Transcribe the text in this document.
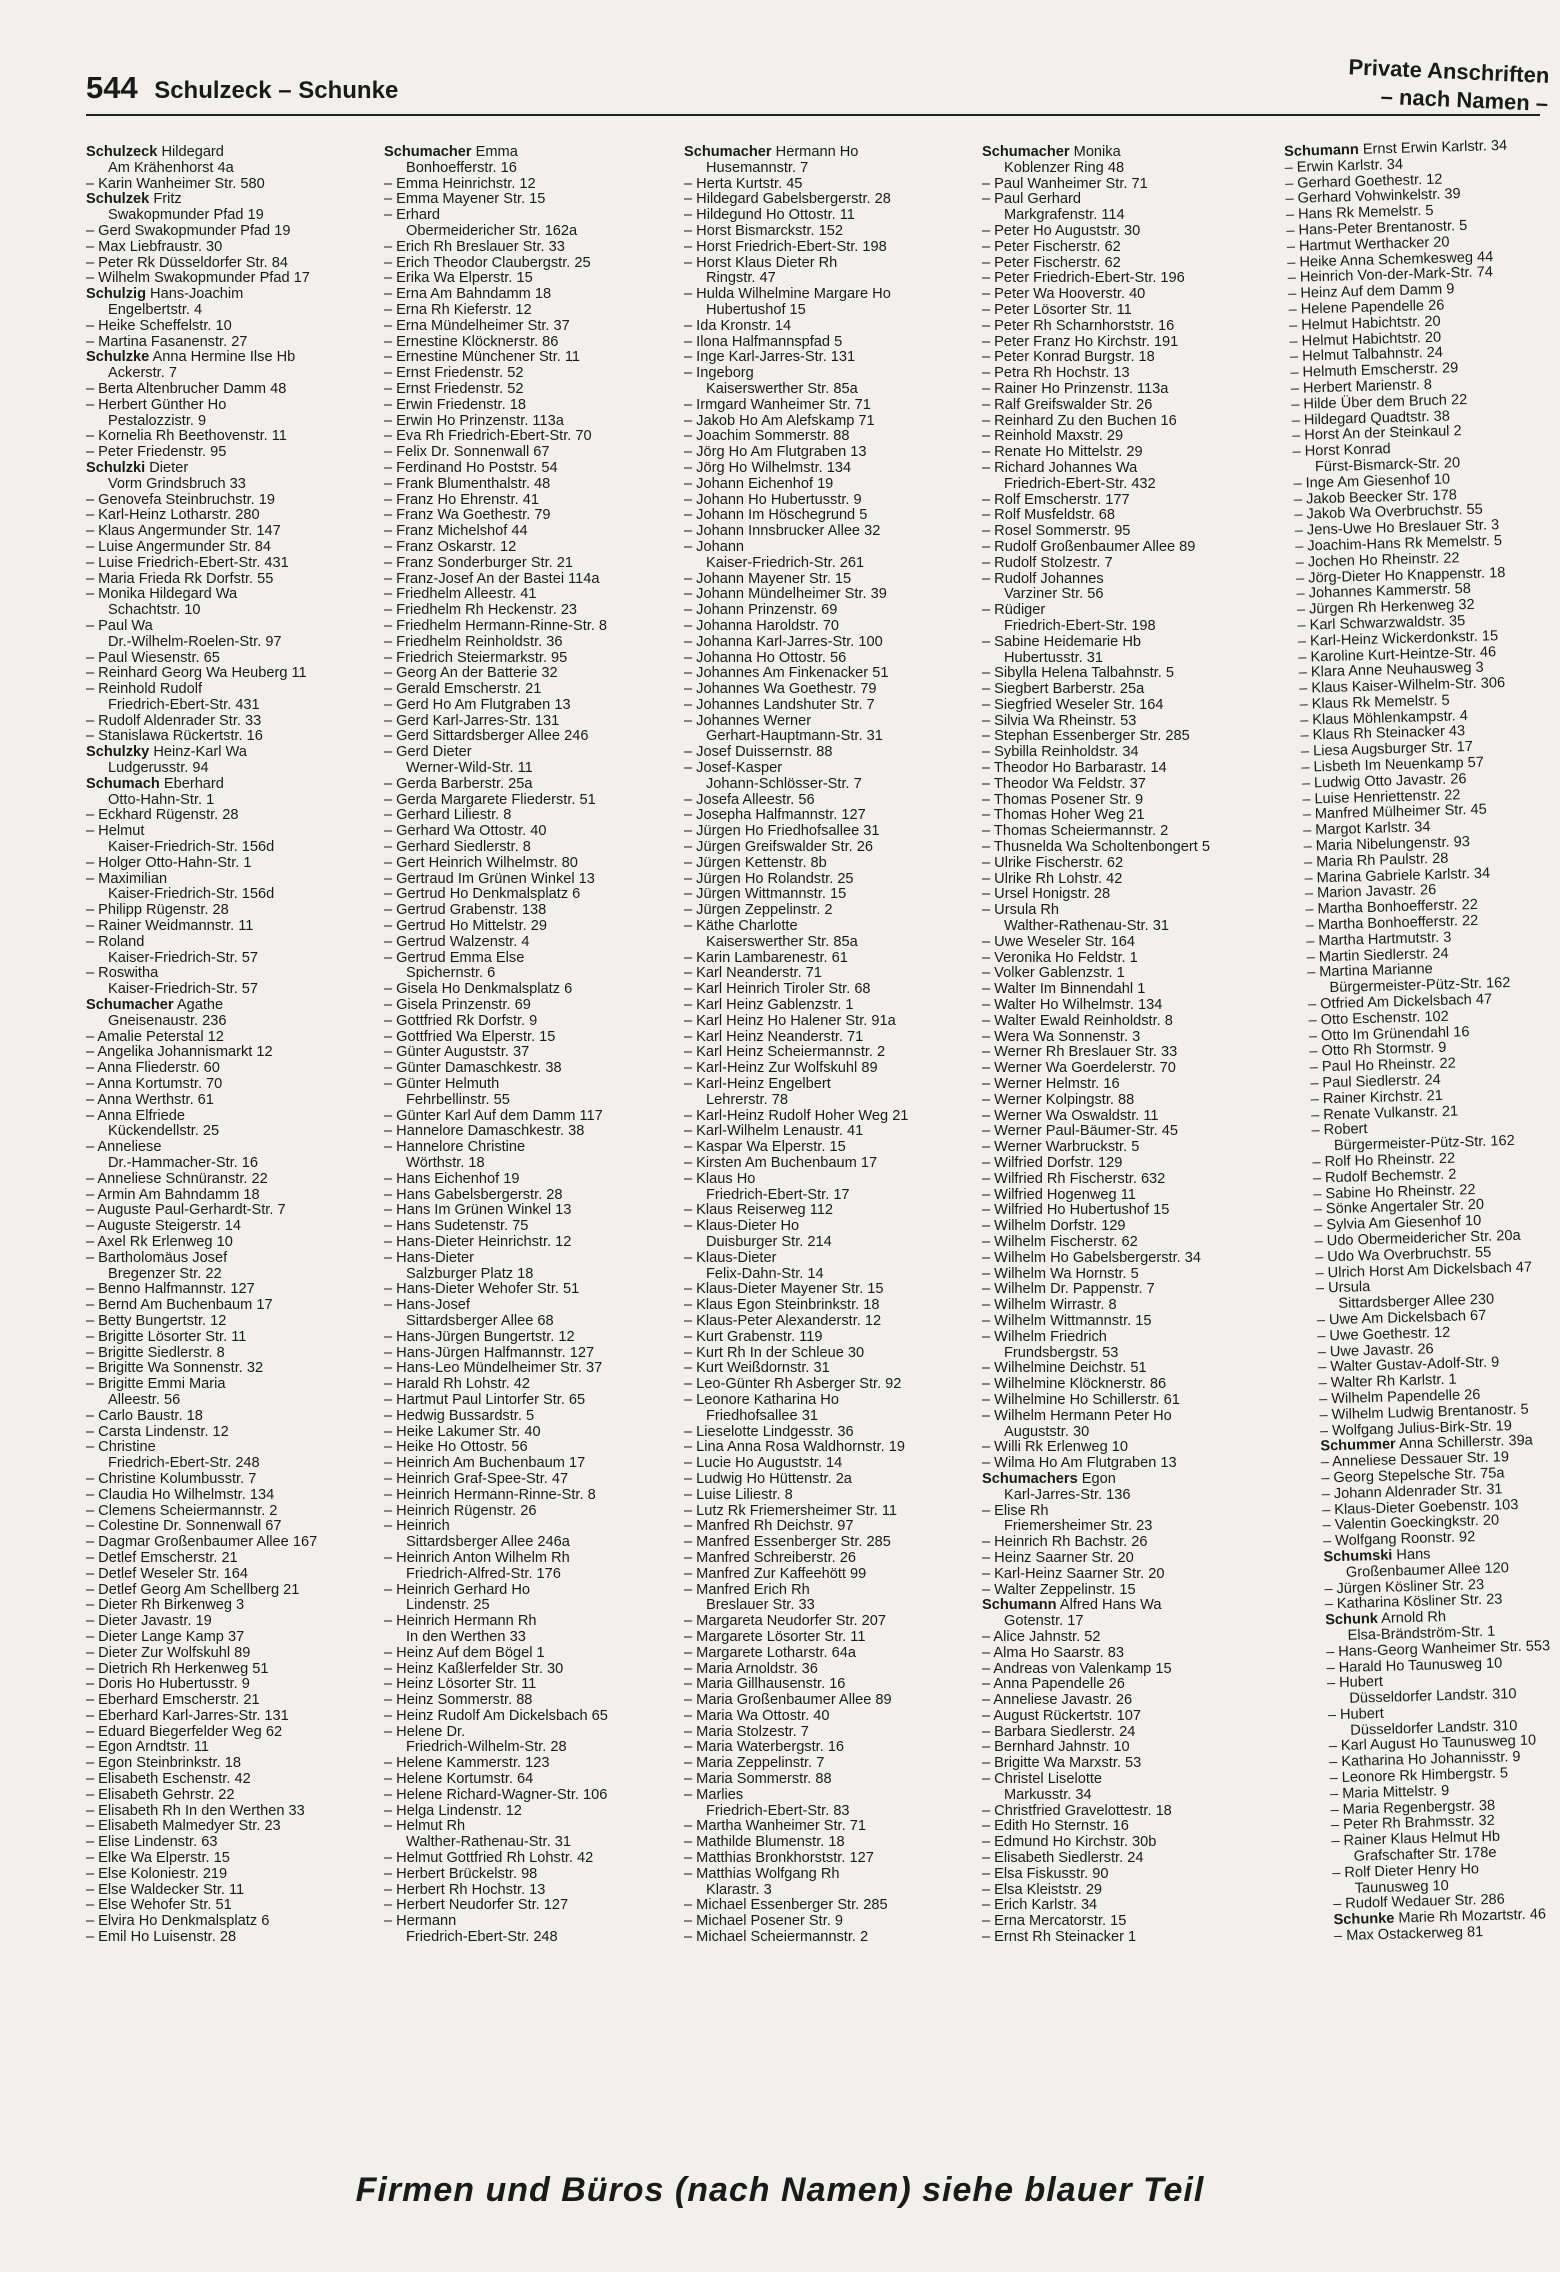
544 Schulzeck – Schunke
Private Anschriften
– nach Namen –
Schulzeck Hildegard
Am Krähenhorst 4a
– Karin Wanheimer Str. 580
Schulzek Fritz
Swakopmunder Pfad 19
– Gerd Swakopmunder Pfad 19
– Max Liebfraustr. 30
– Peter Rk Düsseldorfer Str. 84
– Wilhelm Swakopmunder Pfad 17
Schulzig Hans-Joachim
Engelbertstr. 4
– Heike Scheffelstr. 10
– Martina Fasanenstr. 27
Schulzke Anna Hermine Ilse Hb
Ackerstr. 7
– Berta Altenbrucher Damm 48
– Herbert Günther Ho
Pestalozzistr. 9
– Kornelia Rh Beethovenstr. 11
– Peter Friedenstr. 95
Schulzki Dieter
Vorm Grindsbruch 33
– Genovefa Steinbruchstr. 19
– Karl-Heinz Lotharstr. 280
– Klaus Angermunder Str. 147
– Luise Angermunder Str. 84
– Luise Friedrich-Ebert-Str. 431
– Maria Frieda Rk Dorfstr. 55
– Monika Hildegard Wa
Schachtstr. 10
– Paul Wa
Dr.-Wilhelm-Roelen-Str. 97
– Paul Wiesenstr. 65
– Reinhard Georg Wa Heuberg 11
– Reinhold Rudolf
Friedrich-Ebert-Str. 431
– Rudolf Aldenrader Str. 33
– Stanislawa Rückertstr. 16
Schulzky Heinz-Karl Wa
Ludgerusstr. 94
Schumach Eberhard
Otto-Hahn-Str. 1
– Eckhard Rügenstr. 28
– Helmut
Kaiser-Friedrich-Str. 156d
– Holger Otto-Hahn-Str. 1
– Maximilian
Kaiser-Friedrich-Str. 156d
– Philipp Rügenstr. 28
– Rainer Weidmannstr. 11
– Roland
Kaiser-Friedrich-Str. 57
– Roswitha
Kaiser-Friedrich-Str. 57
Schumacher Agathe
Gneisenaustr. 236
– Amalie Peterstal 12
– Angelika Johannismarkt 12
– Anna Fliederstr. 60
– Anna Kortumstr. 70
– Anna Werthstr. 61
– Anna Elfriede
Kückendellstr. 25
– Anneliese
Dr.-Hammacher-Str. 16
– Anneliese Schnüranstr. 22
– Armin Am Bahndamm 18
– Auguste Paul-Gerhardt-Str. 7
– Auguste Steigerstr. 14
– Axel Rk Erlenweg 10
– Bartholomäus Josef
Bregenzer Str. 22
– Benno Halfmannstr. 127
– Bernd Am Buchenbaum 17
– Betty Bungertstr. 12
– Brigitte Lösorter Str. 11
– Brigitte Siedlerstr. 8
– Brigitte Wa Sonnenstr. 32
– Brigitte Emmi Maria
Alleestr. 56
– Carlo Baustr. 18
– Carsta Lindenstr. 12
– Christine
Friedrich-Ebert-Str. 248
– Christine Kolumbusstr. 7
– Claudia Ho Wilhelmstr. 134
– Clemens Scheiermannstr. 2
– Colestine Dr. Sonnenwall 67
– Dagmar Großenbaumer Allee 167
– Detlef Emscherstr. 21
– Detlef Weseler Str. 164
– Detlef Georg Am Schellberg 21
– Dieter Rh Birkenweg 3
– Dieter Javastr. 19
– Dieter Lange Kamp 37
– Dieter Zur Wolfskuhl 89
– Dietrich Rh Herkenweg 51
– Doris Ho Hubertusstr. 9
– Eberhard Emscherstr. 21
– Eberhard Karl-Jarres-Str. 131
– Eduard Biegerfelder Weg 62
– Egon Arndtstr. 11
– Egon Steinbrinkstr. 18
– Elisabeth Eschenstr. 42
– Elisabeth Gehrstr. 22
– Elisabeth Rh In den Werthen 33
– Elisabeth Malmedyer Str. 23
– Elise Lindenstr. 63
– Elke Wa Elperstr. 15
– Else Koloniestr. 219
– Else Waldecker Str. 11
– Else Wehofer Str. 51
– Elvira Ho Denkmalsplatz 6
– Emil Ho Luisenstr. 28
Schumacher Emma
Bonhoefferstr. 16
– Emma Heinrichstr. 12
– Emma Mayener Str. 15
– Erhard
Obermeidericher Str. 162a
– Erich Rh Breslauer Str. 33
– Erich Theodor Claubergstr. 25
– Erika Wa Elperstr. 15
– Erna Am Bahndamm 18
– Erna Rh Kieferstr. 12
– Erna Mündelheimer Str. 37
– Ernestine Klöcknerstr. 86
– Ernestine Münchener Str. 11
– Ernst Friedenstr. 52
– Ernst Friedenstr. 52
– Erwin Friedenstr. 18
– Erwin Ho Prinzenstr. 113a
– Eva Rh Friedrich-Ebert-Str. 70
– Felix Dr. Sonnenwall 67
– Ferdinand Ho Poststr. 54
– Frank Blumenthalstr. 48
– Franz Ho Ehrenstr. 41
– Franz Wa Goethestr. 79
– Franz Michelshof 44
– Franz Oskarstr. 12
– Franz Sonderburger Str. 21
– Franz-Josef An der Bastei 114a
– Friedhelm Alleestr. 41
– Friedhelm Rh Heckenstr. 23
– Friedhelm Hermann-Rinne-Str. 8
– Friedhelm Reinholdstr. 36
– Friedrich Steiermarkstr. 95
– Georg An der Batterie 32
– Gerald Emscherstr. 21
– Gerd Ho Am Flutgraben 13
– Gerd Karl-Jarres-Str. 131
– Gerd Sittardsberger Allee 246
– Gerd Dieter
Werner-Wild-Str. 11
– Gerda Barberstr. 25a
– Gerda Margarete Fliederstr. 51
– Gerhard Liliestr. 8
– Gerhard Wa Ottostr. 40
– Gerhard Siedlerstr. 8
– Gert Heinrich Wilhelmstr. 80
– Gertraud Im Grünen Winkel 13
– Gertrud Ho Denkmalsplatz 6
– Gertrud Grabenstr. 138
– Gertrud Ho Mittelstr. 29
– Gertrud Walzenstr. 4
– Gertrud Emma Else
Spichernstr. 6
– Gisela Ho Denkmalsplatz 6
– Gisela Prinzenstr. 69
– Gottfried Rk Dorfstr. 9
– Gottfried Wa Elperstr. 15
– Günter Auguststr. 37
– Günter Damaschkestr. 38
– Günter Helmuth
Fehrbellinstr. 55
– Günter Karl Auf dem Damm 117
– Hannelore Damaschkestr. 38
– Hannelore Christine
Wörthstr. 18
– Hans Eichenhof 19
– Hans Gabelsbergerstr. 28
– Hans Im Grünen Winkel 13
– Hans Sudetenstr. 75
– Hans-Dieter Heinrichstr. 12
– Hans-Dieter
Salzburger Platz 18
– Hans-Dieter Wehofer Str. 51
– Hans-Josef
Sittardsberger Allee 68
– Hans-Jürgen Bungertstr. 12
– Hans-Jürgen Halfmannstr. 127
– Hans-Leo Mündelheimer Str. 37
– Harald Rh Lohstr. 42
– Hartmut Paul Lintorfer Str. 65
– Hedwig Bussardstr. 5
– Heike Lakumer Str. 40
– Heike Ho Ottostr. 56
– Heinrich Am Buchenbaum 17
– Heinrich Graf-Spee-Str. 47
– Heinrich Hermann-Rinne-Str. 8
– Heinrich Rügenstr. 26
– Heinrich
Sittardsberger Allee 246a
– Heinrich Anton Wilhelm Rh
Friedrich-Alfred-Str. 176
– Heinrich Gerhard Ho
Lindenstr. 25
– Heinrich Hermann Rh
In den Werthen 33
– Heinz Auf dem Bögel 1
– Heinz Kaßlerfelder Str. 30
– Heinz Lösorter Str. 11
– Heinz Sommerstr. 88
– Heinz Rudolf Am Dickelsbach 65
– Helene Dr.
Friedrich-Wilhelm-Str. 28
– Helene Kammerstr. 123
– Helene Kortumstr. 64
– Helene Richard-Wagner-Str. 106
– Helga Lindenstr. 12
– Helmut Rh
Walther-Rathenau-Str. 31
– Helmut Gottfried Rh Lohstr. 42
– Herbert Brückelstr. 98
– Herbert Rh Hochstr. 13
– Herbert Neudorfer Str. 127
– Hermann
Friedrich-Ebert-Str. 248
Schumacher Hermann Ho
Husemannstr. 7
– Herta Kurtstr. 45
– Hildegard Gabelsbergerstr. 28
– Hildegund Ho Ottostr. 11
– Horst Bismarckstr. 152
– Horst Friedrich-Ebert-Str. 198
– Horst Klaus Dieter Rh
Ringstr. 47
– Hulda Wilhelmine Margare Ho
Hubertushof 15
– Ida Kronstr. 14
– Ilona Halfmannspfad 5
– Inge Karl-Jarres-Str. 131
– Ingeborg
Kaiserswerther Str. 85a
– Irmgard Wanheimer Str. 71
– Jakob Ho Am Alefskamp 71
– Joachim Sommerstr. 88
– Jörg Ho Am Flutgraben 13
– Jörg Ho Wilhelmstr. 134
– Johann Eichenhof 19
– Johann Ho Hubertusstr. 9
– Johann Im Höschegrund 5
– Johann Innsbrucker Allee 32
– Johann
Kaiser-Friedrich-Str. 261
– Johann Mayener Str. 15
– Johann Mündelheimer Str. 39
– Johann Prinzenstr. 69
– Johanna Haroldstr. 70
– Johanna Karl-Jarres-Str. 100
– Johanna Ho Ottostr. 56
– Johannes Am Finkenacker 51
– Johannes Wa Goethestr. 79
– Johannes Landshuter Str. 7
– Johannes Werner
Gerhart-Hauptmann-Str. 31
– Josef Duissernstr. 88
– Josef-Kasper
Johann-Schlösser-Str. 7
– Josefa Alleestr. 56
– Josepha Halfmannstr. 127
– Jürgen Ho Friedhofsallee 31
– Jürgen Greifswalder Str. 26
– Jürgen Kettenstr. 8b
– Jürgen Ho Rolandstr. 25
– Jürgen Wittmannstr. 15
– Jürgen Zeppelinstr. 2
– Käthe Charlotte
Kaiserswerther Str. 85a
– Karin Lambarenestr. 61
– Karl Neanderstr. 71
– Karl Heinrich Tiroler Str. 68
– Karl Heinz Gablenzstr. 1
– Karl Heinz Ho Halener Str. 91a
– Karl Heinz Neanderstr. 71
– Karl Heinz Scheiermannstr. 2
– Karl-Heinz Zur Wolfskuhl 89
– Karl-Heinz Engelbert
Lehrerstr. 78
– Karl-Heinz Rudolf Hoher Weg 21
– Karl-Wilhelm Lenaustr. 41
– Kaspar Wa Elperstr. 15
– Kirsten Am Buchenbaum 17
– Klaus Ho
Friedrich-Ebert-Str. 17
– Klaus Reiserweg 112
– Klaus-Dieter Ho
Duisburger Str. 214
– Klaus-Dieter
Felix-Dahn-Str. 14
– Klaus-Dieter Mayener Str. 15
– Klaus Egon Steinbrinkstr. 18
– Klaus-Peter Alexanderstr. 12
– Kurt Grabenstr. 119
– Kurt Rh In der Schleue 30
– Kurt Weißdornstr. 31
– Leo-Günter Rh Asberger Str. 92
– Leonore Katharina Ho
Friedhofsallee 31
– Lieselotte Lindgesstr. 36
– Lina Anna Rosa Waldhornstr. 19
– Lucie Ho Auguststr. 14
– Ludwig Ho Hüttenstr. 2a
– Luise Liliestr. 8
– Lutz Rk Friemersheimer Str. 11
– Manfred Rh Deichstr. 97
– Manfred Essenberger Str. 285
– Manfred Schreiberstr. 26
– Manfred Zur Kaffeehött 99
– Manfred Erich Rh
Breslauer Str. 33
– Margareta Neudorfer Str. 207
– Margarete Lösorter Str. 11
– Margarete Lotharstr. 64a
– Maria Arnoldstr. 36
– Maria Gillhausenstr. 16
– Maria Großenbaumer Allee 89
– Maria Wa Ottostr. 40
– Maria Stolzestr. 7
– Maria Waterbergstr. 16
– Maria Zeppelinstr. 7
– Maria Sommerstr. 88
– Marlies
Friedrich-Ebert-Str. 83
– Martha Wanheimer Str. 71
– Mathilde Blumenstr. 18
– Matthias Bronkhorststr. 127
– Matthias Wolfgang Rh
Klarastr. 3
– Michael Essenberger Str. 285
– Michael Posener Str. 9
– Michael Scheiermannstr. 2
Schumacher Monika
Koblenzer Ring 48
– Paul Wanheimer Str. 71
– Paul Gerhard
Markgrafenstr. 114
– Peter Ho Auguststr. 30
– Peter Fischerstr. 62
– Peter Fischerstr. 62
– Peter Friedrich-Ebert-Str. 196
– Peter Wa Hooverstr. 40
– Peter Lösorter Str. 11
– Peter Rh Scharnhorststr. 16
– Peter Franz Ho Kirchstr. 191
– Peter Konrad Burgstr. 18
– Petra Rh Hochstr. 13
– Rainer Ho Prinzenstr. 113a
– Ralf Greifswalder Str. 26
– Reinhard Zu den Buchen 16
– Reinhold Maxstr. 29
– Renate Ho Mittelstr. 29
– Richard Johannes Wa
Friedrich-Ebert-Str. 432
– Rolf Emscherstr. 177
– Rolf Musfeldstr. 68
– Rosel Sommerstr. 95
– Rudolf Großenbaumer Allee 89
– Rudolf Stolzestr. 7
– Rudolf Johannes
Varziner Str. 56
– Rüdiger
Friedrich-Ebert-Str. 198
– Sabine Heidemarie Hb
Hubertusstr. 31
– Sibylla Helena Talbahnstr. 5
– Siegbert Barberstr. 25a
– Siegfried Weseler Str. 164
– Silvia Wa Rheinstr. 53
– Stephan Essenberger Str. 285
– Sybilla Reinholdstr. 34
– Theodor Ho Barbarastr. 14
– Theodor Wa Feldstr. 37
– Thomas Posener Str. 9
– Thomas Hoher Weg 21
– Thomas Scheiermannstr. 2
– Thusnelda Wa Scholtenbongert 5
– Ulrike Fischerstr. 62
– Ulrike Rh Lohstr. 42
– Ursel Honigstr. 28
– Ursula Rh
Walther-Rathenau-Str. 31
– Uwe Weseler Str. 164
– Veronika Ho Feldstr. 1
– Volker Gablenzstr. 1
– Walter Im Binnendahl 1
– Walter Ho Wilhelmstr. 134
– Walter Ewald Reinholdstr. 8
– Wera Wa Sonnenstr. 3
– Werner Rh Breslauer Str. 33
– Werner Wa Goerdelerstr. 70
– Werner Helmstr. 16
– Werner Kolpingstr. 88
– Werner Wa Oswaldstr. 11
– Werner Paul-Bäumer-Str. 45
– Werner Warbruckstr. 5
– Wilfried Dorfstr. 129
– Wilfried Rh Fischerstr. 632
– Wilfried Hogenweg 11
– Wilfried Ho Hubertushof 15
– Wilhelm Dorfstr. 129
– Wilhelm Fischerstr. 62
– Wilhelm Ho Gabelsbergerstr. 34
– Wilhelm Wa Hornstr. 5
– Wilhelm Dr. Pappenstr. 7
– Wilhelm Wirrastr. 8
– Wilhelm Wittmannstr. 15
– Wilhelm Friedrich
Frundsbergstr. 53
– Wilhelmine Deichstr. 51
– Wilhelmine Klöcknerstr. 86
– Wilhelmine Ho Schillerstr. 61
– Wilhelm Hermann Peter Ho
Auguststr. 30
– Willi Rk Erlenweg 10
– Wilma Ho Am Flutgraben 13
Schumachers Egon
Karl-Jarres-Str. 136
– Elise Rh
Friemersheimer Str. 23
– Heinrich Rh Bachstr. 26
– Heinz Saarner Str. 20
– Karl-Heinz Saarner Str. 20
– Walter Zeppelinstr. 15
Schumann Alfred Hans Wa
Gotenstr. 17
– Alice Jahnstr. 52
– Alma Ho Saarstr. 83
– Andreas von Valenkamp 15
– Anna Papendelle 26
– Anneliese Javastr. 26
– August Rückertstr. 107
– Barbara Siedlerstr. 24
– Bernhard Jahnstr. 10
– Brigitte Wa Marxstr. 53
– Christel Liselotte
Markusstr. 34
– Christfried Gravelottestr. 18
– Edith Ho Sternstr. 16
– Edmund Ho Kirchstr. 30b
– Elisabeth Siedlerstr. 24
– Elsa Fiskusstr. 90
– Elsa Kleiststr. 29
– Erich Karlstr. 34
– Erna Mercatorstr. 15
– Ernst Rh Steinacker 1
Schumann Ernst Erwin Karlstr. 34
– Erwin Karlstr. 34
– Gerhard Goethestr. 12
– Gerhard Vohwinkelstr. 39
– Hans Rk Memelstr. 5
– Hans-Peter Brentanostr. 5
– Hartmut Werthacker 20
– Heike Anna Schemkesweg 44
– Heinrich Von-der-Mark-Str. 74
– Heinz Auf dem Damm 9
– Helene Papendelle 26
– Helmut Habichtstr. 20
– Helmut Habichtstr. 20
– Helmut Talbahnstr. 24
– Helmuth Emscherstr. 29
– Herbert Marienstr. 8
– Hilde Über dem Bruch 22
– Hildegard Quadtstr. 38
– Horst An der Steinkaul 2
– Horst Konrad
Fürst-Bismarck-Str. 20
– Inge Am Giesenhof 10
– Jakob Beecker Str. 178
– Jakob Wa Overbruchstr. 55
– Jens-Uwe Ho Breslauer Str. 3
– Joachim-Hans Rk Memelstr. 5
– Jochen Ho Rheinstr. 22
– Jörg-Dieter Ho Knappenstr. 18
– Johannes Kammerstr. 58
– Jürgen Rh Herkenweg 32
– Karl Schwarzwaldstr. 35
– Karl-Heinz Wickerdonkstr. 15
– Karoline Kurt-Heintze-Str. 46
– Klara Anne Neuhausweg 3
– Klaus Kaiser-Wilhelm-Str. 306
– Klaus Rk Memelstr. 5
– Klaus Möhlenkampstr. 4
– Klaus Rh Steinacker 43
– Liesa Augsburger Str. 17
– Lisbeth Im Neuenkamp 57
– Ludwig Otto Javastr. 26
– Luise Henriettenstr. 22
– Manfred Mülheimer Str. 45
– Margot Karlstr. 34
– Maria Nibelungenstr. 93
– Maria Rh Paulstr. 28
– Marina Gabriele Karlstr. 34
– Marion Javastr. 26
– Martha Bonhoefferstr. 22
– Martha Bonhoefferstr. 22
– Martha Hartmutstr. 3
– Martin Siedlerstr. 24
– Martina Marianne
Bürgermeister-Pütz-Str. 162
– Otfried Am Dickelsbach 47
– Otto Eschenstr. 102
– Otto Im Grünendahl 16
– Otto Rh Stormstr. 9
– Paul Ho Rheinstr. 22
– Paul Siedlerstr. 24
– Rainer Kirchstr. 21
– Renate Vulkanstr. 21
– Robert
Bürgermeister-Pütz-Str. 162
– Rolf Ho Rheinstr. 22
– Rudolf Bechemstr. 2
– Sabine Ho Rheinstr. 22
– Sönke Angertaler Str. 20
– Sylvia Am Giesenhof 10
– Udo Obermeidericher Str. 20a
– Udo Wa Overbruchstr. 55
– Ulrich Horst Am Dickelsbach 47
– Ursula
Sittardsberger Allee 230
– Uwe Am Dickelsbach 67
– Uwe Goethestr. 12
– Uwe Javastr. 26
– Walter Gustav-Adolf-Str. 9
– Walter Rh Karlstr. 1
– Wilhelm Papendelle 26
– Wilhelm Ludwig Brentanostr. 5
– Wolfgang Julius-Birk-Str. 19
Schummer Anna Schillerstr. 39a
– Anneliese Dessauer Str. 19
– Georg Stepelsche Str. 75a
– Johann Aldenrader Str. 31
– Klaus-Dieter Goebenstr. 103
– Valentin Goeckingkstr. 20
– Wolfgang Roonstr. 92
Schumski Hans
Großenbaumer Allee 120
– Jürgen Kösliner Str. 23
– Katharina Kösliner Str. 23
Schunk Arnold Rh
Elsa-Brändström-Str. 1
– Hans-Georg Wanheimer Str. 553
– Harald Ho Taunusweg 10
– Hubert
Düsseldorfer Landstr. 310
– Hubert
Düsseldorfer Landstr. 310
– Karl August Ho Taunusweg 10
– Katharina Ho Johannisstr. 9
– Leonore Rk Himbergstr. 5
– Maria Mittelstr. 9
– Maria Regenbergstr. 38
– Peter Rh Brahmsstr. 32
– Rainer Klaus Helmut Hb
Grafschafter Str. 178e
– Rolf Dieter Henry Ho
Taunusweg 10
– Rudolf Wedauer Str. 286
Schunke Marie Rh Mozartstr. 46
– Max Ostackerweg 81
Firmen und Büros (nach Namen) siehe blauer Teil
